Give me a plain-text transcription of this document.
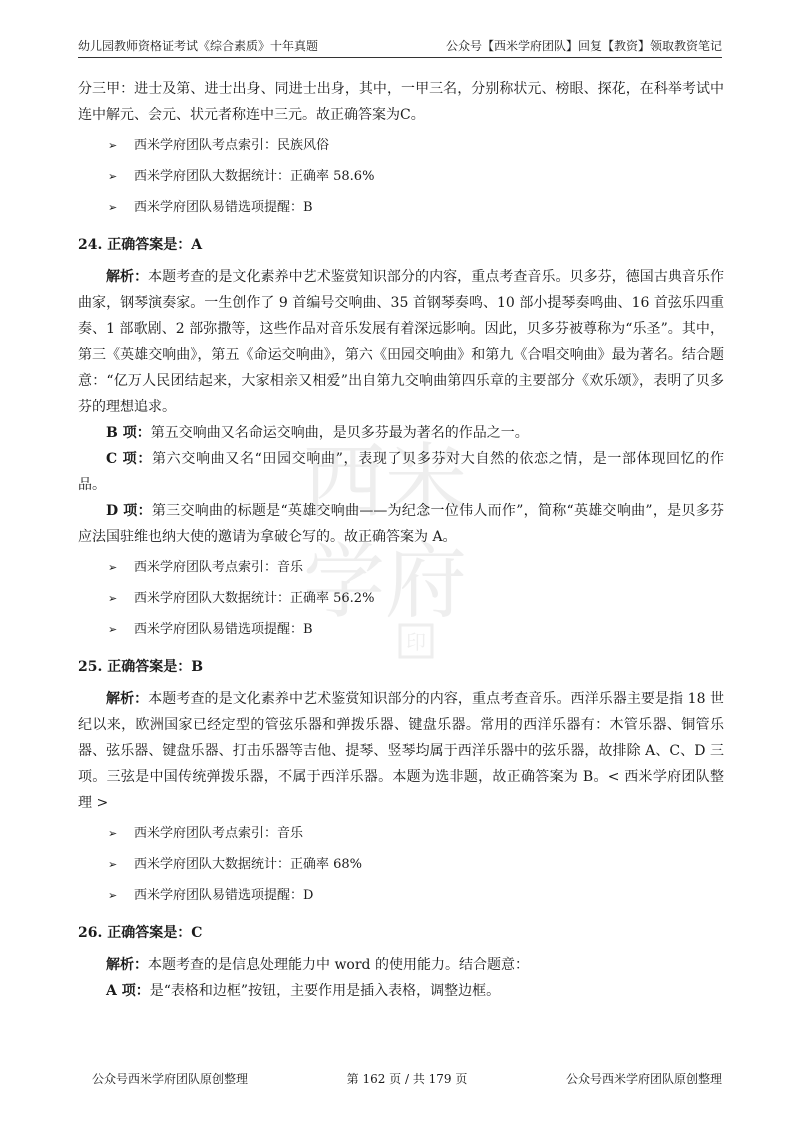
幼儿园教师资格证考试《综合素质》十年真题	公众号【西米学府团队】回复【教资】领取教资笔记
西米
学府
印

分三甲：进士及第、进士出身、同进士出身，其中，一甲三名，分别称状元、榜眼、探花，在科举考试中连中解元、会元、状元者称连中三元。故正确答案为C。

➢	西米学府团队考点索引：民族风俗
➢	西米学府团队大数据统计：正确率 58.6%
➢	西米学府团队易错选项提醒：B
24. 正确答案是：A

解析：本题考查的是文化素养中艺术鉴赏知识部分的内容，重点考查音乐。贝多芬，德国古典音乐作曲家，钢琴演奏家。一生创作了 9 首编号交响曲、35 首钢琴奏鸣、10 部小提琴奏鸣曲、16 首弦乐四重奏、1 部歌剧、2 部弥撒等，这些作品对音乐发展有着深远影响。因此，贝多芬被尊称为“乐圣”。其中，第三《英雄交响曲》，第五《命运交响曲》，第六《田园交响曲》和第九《合唱交响曲》最为著名。结合题意：“亿万人民团结起来，大家相亲又相爱”出自第九交响曲第四乐章的主要部分《欢乐颂》，表明了贝多芬的理想追求。

B 项：第五交响曲又名命运交响曲，是贝多芬最为著名的作品之一。

C 项：第六交响曲又名“田园交响曲”，表现了贝多芬对大自然的依恋之情，是一部体现回忆的作品。

D 项：第三交响曲的标题是“英雄交响曲——为纪念一位伟人而作”，简称“英雄交响曲”，是贝多芬应法国驻维也纳大使的邀请为拿破仑写的。故正确答案为 A。

➢	西米学府团队考点索引：音乐
➢	西米学府团队大数据统计：正确率 56.2%
➢	西米学府团队易错选项提醒：B
25. 正确答案是：B

解析：本题考查的是文化素养中艺术鉴赏知识部分的内容，重点考查音乐。西洋乐器主要是指 18 世纪以来，欧洲国家已经定型的管弦乐器和弹拨乐器、键盘乐器。常用的西洋乐器有：木管乐器、铜管乐器、弦乐器、键盘乐器、打击乐器等吉他、提琴、竖琴均属于西洋乐器中的弦乐器，故排除 A、C、D 三项。三弦是中国传统弹拨乐器，不属于西洋乐器。本题为选非题，故正确答案为 B。< 西米学府团队整理 >

➢	西米学府团队考点索引：音乐
➢	西米学府团队大数据统计：正确率 68%
➢	西米学府团队易错选项提醒：D
26. 正确答案是：C

解析：本题考查的是信息处理能力中 word 的使用能力。结合题意：

A 项：是“表格和边框”按钮，主要作用是插入表格，调整边框。

公众号西米学府团队原创整理	第 162 页 / 共 179 页	公众号西米学府团队原创整理
